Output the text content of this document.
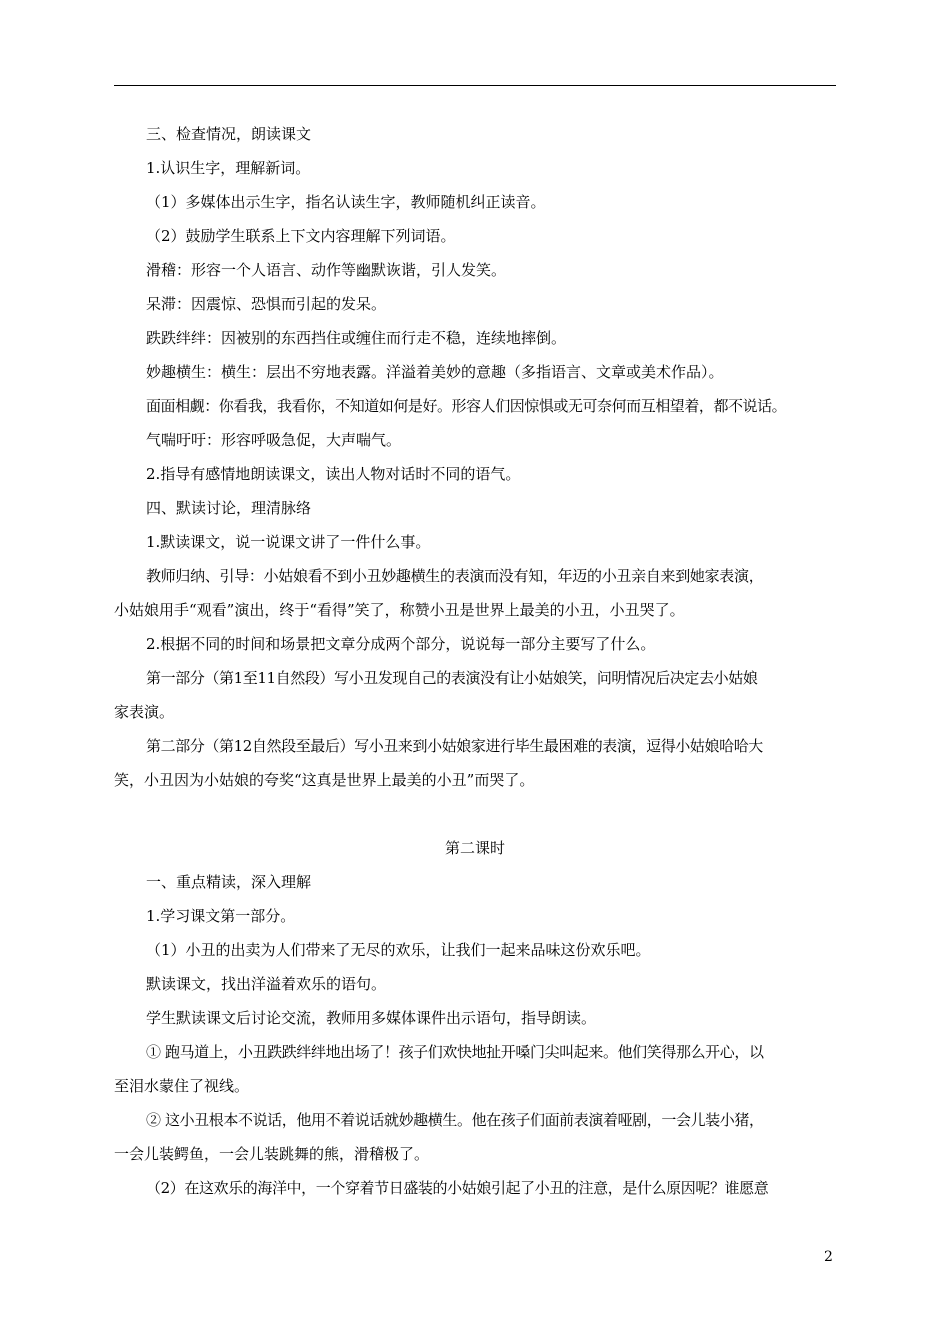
三、检查情况，朗读课文
1.认识生字，理解新词。
（1）多媒体出示生字，指名认读生字，教师随机纠正读音。
（2）鼓励学生联系上下文内容理解下列词语。
滑稽：形容一个人语言、动作等幽默诙谐，引人发笑。
呆滞：因震惊、恐惧而引起的发呆。
跌跌绊绊：因被别的东西挡住或缠住而行走不稳，连续地摔倒。
妙趣横生：横生：层出不穷地表露。洋溢着美妙的意趣（多指语言、文章或美术作品）。
面面相觑：你看我，我看你，不知道如何是好。形容人们因惊惧或无可奈何而互相望着，都不说话。
气喘吁吁：形容呼吸急促，大声喘气。
2.指导有感情地朗读课文，读出人物对话时不同的语气。
四、默读讨论，理清脉络
1.默读课文，说一说课文讲了一件什么事。
教师归纳、引导：小姑娘看不到小丑妙趣横生的表演而没有知，年迈的小丑亲自来到她家表演，
小姑娘用手“观看”演出，终于“看得”笑了，称赞小丑是世界上最美的小丑，小丑哭了。
2.根据不同的时间和场景把文章分成两个部分，说说每一部分主要写了什么。
第一部分（第1至11自然段）写小丑发现自己的表演没有让小姑娘笑，问明情况后决定去小姑娘
家表演。
第二部分（第12自然段至最后）写小丑来到小姑娘家进行毕生最困难的表演，逗得小姑娘哈哈大
笑，小丑因为小姑娘的夸奖“这真是世界上最美的小丑”而哭了。
第二课时
一、重点精读，深入理解
1.学习课文第一部分。
（1）小丑的出卖为人们带来了无尽的欢乐，让我们一起来品味这份欢乐吧。
默读课文，找出洋溢着欢乐的语句。
学生默读课文后讨论交流，教师用多媒体课件出示语句，指导朗读。
① 跑马道上，小丑跌跌绊绊地出场了！孩子们欢快地扯开嗓门尖叫起来。他们笑得那么开心，以
至泪水蒙住了视线。
② 这小丑根本不说话，他用不着说话就妙趣横生。他在孩子们面前表演着哑剧，一会儿装小猪，
一会儿装鳄鱼，一会儿装跳舞的熊，滑稽极了。
（2）在这欢乐的海洋中，一个穿着节日盛装的小姑娘引起了小丑的注意，是什么原因呢？谁愿意
2
